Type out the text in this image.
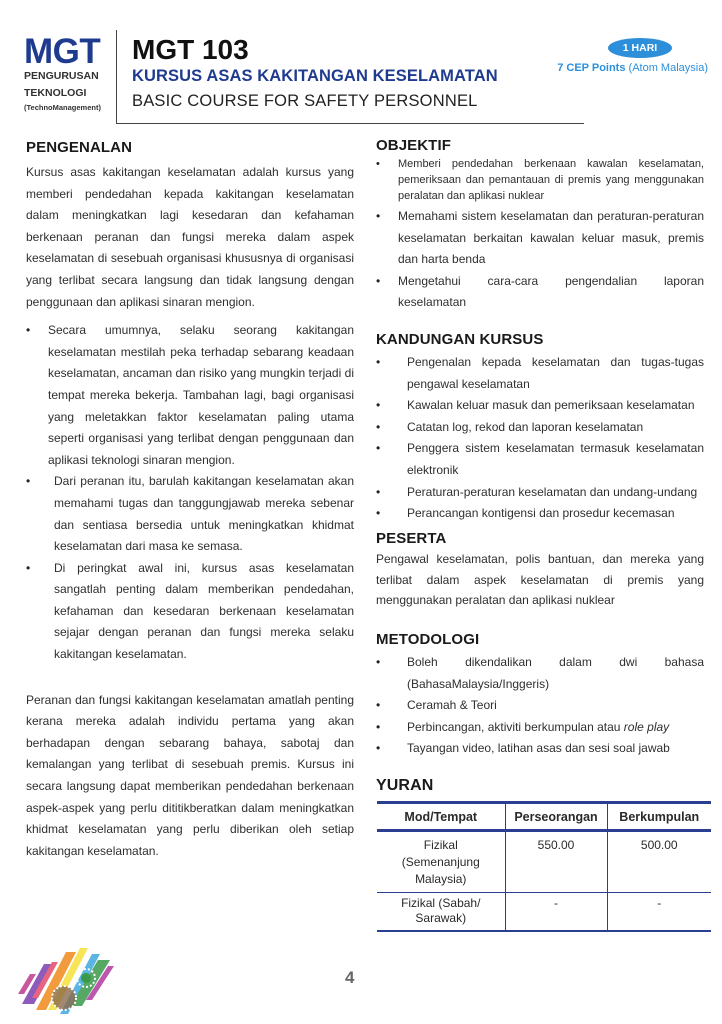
MGT
PENGURUSAN
TEKNOLOGI
(TechnoManagement)
MGT 103
KURSUS ASAS KAKITANGAN KESELAMATAN
BASIC COURSE FOR SAFETY PERSONNEL
1 HARI
7 CEP Points (Atom Malaysia)
PENGENALAN

Kursus asas kakitangan keselamatan adalah kursus yang memberi pendedahan kepada kakitangan keselamatan dalam meningkatkan lagi kesedaran dan kefahaman berkenaan peranan dan fungsi mereka dalam aspek keselamatan di sesebuah organisasi khususnya di organisasi yang terlibat secara langsung dan tidak langsung dengan penggunaan dan aplikasi sinaran mengion.

• Secara umumnya, selaku seorang kakitangan keselamatan mestilah peka terhadap sebarang keadaan keselamatan, ancaman dan risiko yang mungkin terjadi di tempat mereka bekerja. Tambahan lagi, bagi organisasi yang meletakkan faktor keselamatan paling utama seperti organisasi yang terlibat dengan penggunaan dan aplikasi teknologi sinaran mengion.
• Dari peranan itu, barulah kakitangan keselamatan akan memahami tugas dan tanggungjawab mereka sebenar dan sentiasa bersedia untuk meningkatkan khidmat keselamatan dari masa ke semasa.
• Di peringkat awal ini, kursus asas keselamatan sangatlah penting dalam memberikan pendedahan, kefahaman dan kesedaran berkenaan keselamatan sejajar dengan peranan dan fungsi mereka selaku kakitangan keselamatan.

Peranan dan fungsi kakitangan keselamatan amatlah penting kerana mereka adalah individu pertama yang akan berhadapan dengan sebarang bahaya, sabotaj dan kemalangan yang terlibat di sesebuah premis. Kursus ini secara langsung dapat memberikan pendedahan berkenaan aspek-aspek yang perlu dititikberatkan dalam meningkatkan khidmat keselamatan yang perlu diberikan oleh setiap kakitangan keselamatan.

OBJEKTIF
• Memberi pendedahan berkenaan kawalan keselamatan, pemeriksaan dan pemantauan di premis yang menggunakan peralatan dan aplikasi nuklear
• Memahami sistem keselamatan dan peraturan-peraturan keselamatan berkaitan kawalan keluar masuk, premis dan harta benda
• Mengetahui cara-cara pengendalian laporan keselamatan
KANDUNGAN KURSUS
• Pengenalan kepada keselamatan dan tugas-tugas pengawal keselamatan
• Kawalan keluar masuk dan pemeriksaan keselamatan
• Catatan log, rekod dan laporan keselamatan
• Penggera sistem keselamatan termasuk keselamatan elektronik
• Peraturan-peraturan keselamatan dan undang-undang
• Perancangan kontigensi dan prosedur kecemasan
PESERTA

Pengawal keselamatan, polis bantuan, dan mereka yang terlibat dalam aspek keselamatan di premis yang menggunakan peralatan dan aplikasi nuklear

METODOLOGI
• Boleh dikendalikan dalam dwi bahasa (BahasaMalaysia/Inggeris)
• Ceramah & Teori
• Perbincangan, aktiviti berkumpulan atau role play
• Tayangan video, latihan asas dan sesi soal jawab
YURAN
Mod/Tempat	Perseorangan	Berkumpulan
Fizikal (Semenanjung Malaysia)	550.00	500.00
Fizikal (Sabah/ Sarawak)	-	-
4
